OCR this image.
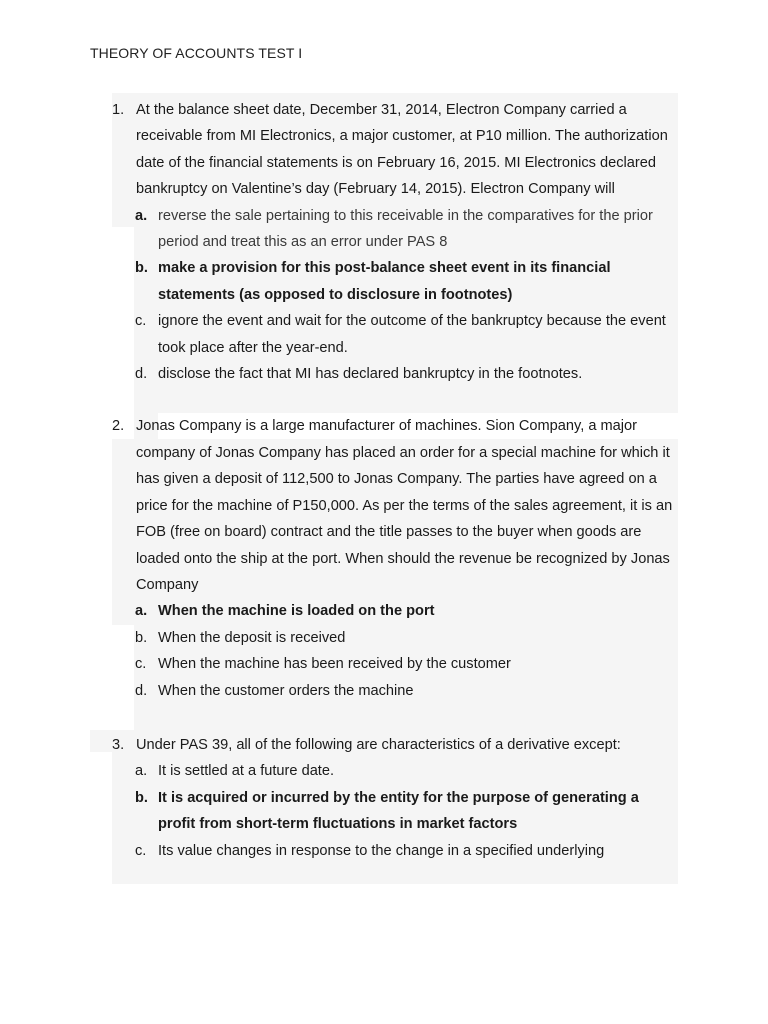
THEORY OF ACCOUNTS TEST I
1. At the balance sheet date, December 31, 2014, Electron Company carried a receivable from MI Electronics, a major customer, at P10 million. The authorization date of the financial statements is on February 16, 2015. MI Electronics declared bankruptcy on Valentine’s day (February 14, 2015). Electron Company will
a. reverse the sale pertaining to this receivable in the comparatives for the prior period and treat this as an error under PAS 8
b. make a provision for this post-balance sheet event in its financial statements (as opposed to disclosure in footnotes)
c. ignore the event and wait for the outcome of the bankruptcy because the event took place after the year-end.
d. disclose the fact that MI has declared bankruptcy in the footnotes.
2. Jonas Company is a large manufacturer of machines. Sion Company, a major company of Jonas Company has placed an order for a special machine for which it has given a deposit of 112,500 to Jonas Company. The parties have agreed on a price for the machine of P150,000. As per the terms of the sales agreement, it is an FOB (free on board) contract and the title passes to the buyer when goods are loaded onto the ship at the port. When should the revenue be recognized by Jonas Company
a. When the machine is loaded on the port
b. When the deposit is received
c. When the machine has been received by the customer
d. When the customer orders the machine
3. Under PAS 39, all of the following are characteristics of a derivative except:
a. It is settled at a future date.
b. It is acquired or incurred by the entity for the purpose of generating a profit from short-term fluctuations in market factors
c. Its value changes in response to the change in a specified underlying
